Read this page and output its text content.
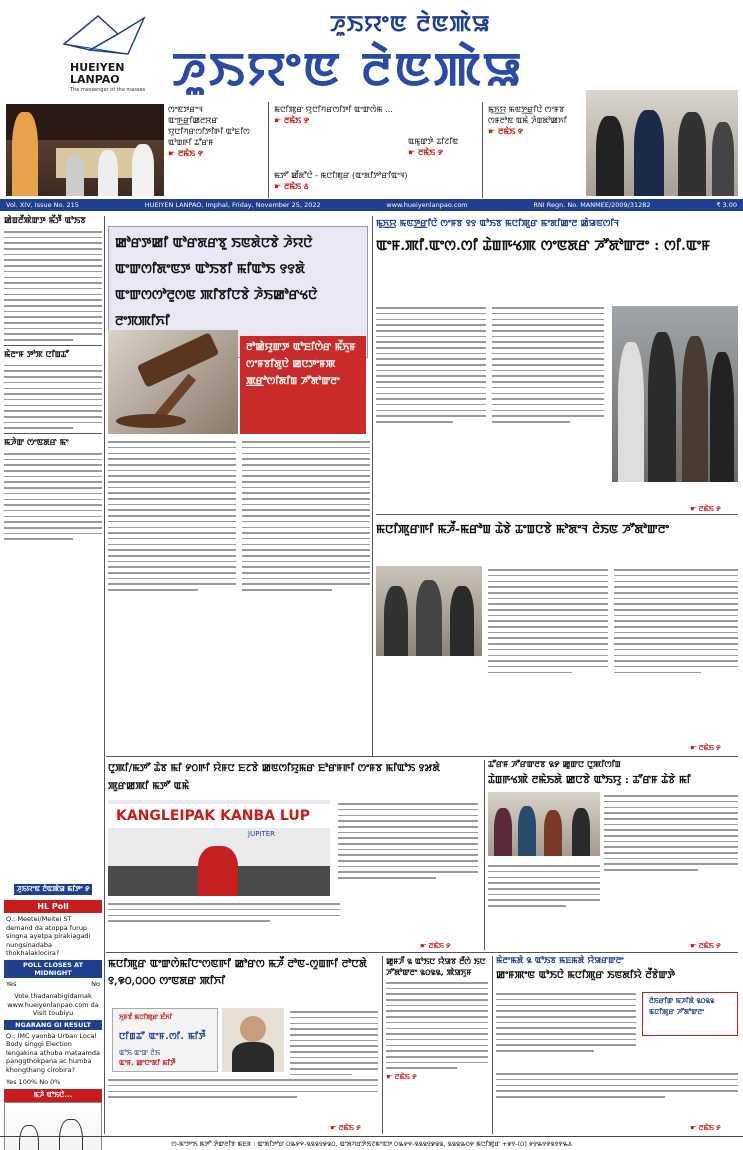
HUEIYEN
LANPAO
The messenger of the masses
ꯍꯨꯏꯌꯦꯟ ꯂꯥꯟꯄꯥꯎ
ꯍꯨꯏꯌꯦꯟ ꯂꯥꯟꯄꯥꯎ
ꯁꯦꯟꯇꯔꯦꯜ ꯑꯦꯒ꯭ꯔꯤꯀꯂꯆꯔ ꯌꯨꯅꯤꯚꯔꯁꯤꯇꯤꯒꯤ ꯑꯣꯐꯤꯁ ꯑꯣꯡꯒꯤ ꯊꯧꯔꯝ
☛ ꯂꯃꯥꯏ ꯵
ꯃꯅꯤꯄꯨꯔ ꯌꯨꯅꯤꯚꯔꯁꯤꯇꯤ ꯑꯦꯛꯁꯥꯃ ...
☛ ꯂꯃꯥꯏ ꯸
ꯑꯃꯨꯛꯇꯥ ꯊꯤꯖꯤꯟ
☛ ꯂꯃꯥꯏ ꯸
ꯃꯇꯧ ꯀꯩꯗꯧꯅꯥ - ꯃꯅꯤꯄꯨꯔ (ꯑꯦꯗꯤꯇꯣꯔꯤꯑꯦꯜ)
☛ ꯂꯃꯥꯏ ꯴
ꯃꯨꯈ꯭ꯌ ꯃꯟꯇ꯭ꯔꯤꯅꯥ ꯁꯦꯝꯕ ꯁꯝꯂꯣꯟ ꯑꯃꯥ ꯍꯥꯡꯗꯣꯀꯈꯤ
☛ ꯂꯃꯥꯏ ꯵
Vol. XIV, Issue No. 215	HUEIYEN LANPAO, Imphal, Friday, November 25, 2022	www.hueiyenlanpao.com	RNI Regn. No. MANMEE/2009/31282	₹ 3.00
ꯀꯥꯡꯂꯩꯄꯥꯛꯇ ꯃꯩꯇꯩ ꯑꯣꯏꯕ
ꯃꯥꯂꯦꯝ ꯇꯣꯞ ꯅꯤꯡꯊꯧ
ꯃꯍꯥꯛ ꯁꯦꯟꯗꯔ ꯃꯦ
ꯍꯨꯏꯌꯦꯟ ꯂꯥꯟꯄꯥꯎ ꯃꯤꯇꯦ ꯸
HL Poll
Q.: Meetei/Meitei ST demand da atoppa furup singna ayetpa pirakiagadi nungsinadaba thokhalaklocira?
POLL CLOSES AT MIDNIGHT
Yes	No
Vote thadanabigidamak www.hueiyenlanpao.com da Visit toubiyu
NGARANG GI RESULT
Q.: IMC yaonba Urban Local Body singgi Election lengakina athuba mataamda panggthokpana ac humba khongthang cirobira?
Yes 100% No 0%
ꯃꯍꯥ ꯑꯣꯏꯅꯥ...
ꯀꯣꯔꯇꯀꯤ ꯑꯣꯔꯗꯔꯕꯨ ꯏꯟꯗꯥꯅꯕꯥ ꯍꯥꯌꯅꯥ ꯑꯦꯛꯁꯤꯗꯦꯟꯇ ꯑꯣꯏꯕꯤ ꯃꯤꯑꯣꯏ ꯱꯱ꯗꯥ ꯑꯦꯛꯁꯁꯣꯂꯨꯁꯟ ꯄꯤꯕꯤꯅꯕꯥ ꯍꯥꯏꯀꯣꯔꯠꯅꯥ ꯂꯦꯞꯄꯤꯈꯤ
ꯂꯣꯀꯥꯌꯨꯛꯇ ꯑꯣꯐꯤꯁꯥꯔ ꯃꯩꯈꯨꯝ ꯁꯦꯝꯕꯤꯗꯨꯅꯥ ꯀꯅꯇꯦꯝꯄ ꯄ꯭ꯔꯣꯁꯤꯗꯤꯡ ꯍꯧꯗꯣꯛꯂꯦ
ꯃꯨꯈ꯭ꯌ ꯃꯟꯇ꯭ꯔꯤꯅꯥ ꯁꯦꯝꯕ ꯱꯱ ꯑꯣꯏꯕ ꯃꯅꯤꯄꯨꯔ ꯃꯦꯗꯤꯀꯦꯂ ꯀꯥꯎꯟꯁꯤꯜ
ꯑꯦꯝ.ꯄꯤ.ꯑꯦꯁ.ꯁꯤ ꯊꯥꯡꯒꯠꯄ ꯁꯦꯟꯗꯔ ꯍꯧꯗꯣꯛꯂꯦ : ꯁꯤ.ꯑꯦꯝ
☛ ꯂꯃꯥꯏ ꯸
ꯃꯅꯤꯄꯨꯔꯒꯤ ꯃꯍꯩ-ꯃꯔꯣꯡ ꯊꯥꯕꯥ ꯊꯦꯡꯅꯕꯥ ꯃꯣꯗꯦꯜ ꯂꯥꯏꯟ ꯍꯧꯗꯣꯛꯂꯦ
☛ ꯂꯃꯥꯏ ꯸
ꯅꯨꯄꯤ/ꯃꯇꯧ ꯊꯥꯕ ꯃꯤ ꯸꯰ꯒꯤ ꯌꯥꯝꯅ ꯐꯖꯕꯥ ꯀꯟꯁꯤꯌꯨꯃꯔ ꯐꯣꯔꯝꯒꯤ ꯁꯦꯝꯕ ꯃꯤꯑꯣꯏ ꯱꯷ꯗꯥ ꯄꯨꯔꯀꯄꯤ ꯃꯇꯧ ꯑꯃꯥ
KANGLEIPAK KANBA LUP
JUPITER
☛ ꯂꯃꯥꯏ ꯸
ꯊꯧꯔꯝ ꯍꯧꯔꯛꯂꯕ ꯲꯸ ꯀꯨꯛꯅ ꯅꯨꯄꯤꯁꯤꯡ
ꯊꯥꯡꯒꯠꯄꯥ ꯂꯃꯥꯏꯗꯥ ꯀꯅꯕꯥ ꯑꯣꯏꯌꯨ : ꯊꯧꯔꯝ ꯊꯥꯕꯥ ꯃꯤ
☛ ꯂꯃꯥꯏ ꯸
ꯃꯅꯤꯄꯨꯔ ꯑꯦꯛꯁꯥꯃꯤꯅꯦꯁꯟꯒꯤ ꯀꯣꯔꯁ ꯃꯍꯩ ꯂꯣꯟ-ꯁꯨꯡꯒꯤ ꯂꯣꯅꯗꯥ ꯱,꯶꯰,꯰꯰꯰ ꯁꯦꯟꯗꯔ ꯄꯤꯈꯤ
ꯈꯨꯝꯕꯪ ꯃꯅꯤꯄꯨꯔ ꯐꯪꯈꯤ
ꯅꯤꯡꯊꯧ ꯑꯦꯝ.ꯁꯤ. ꯃꯤꯇꯩ
ꯑꯣꯏ ꯑꯦꯛ ꯂꯥꯏ
ꯑꯦꯝ. ꯀꯦꯅꯦꯗꯤ ꯃꯤꯇꯩ
☛ ꯂꯃꯥꯏ ꯸
ꯀꯨꯝꯍꯩ ꯲ ꯑꯣꯏꯅ ꯌꯥꯎꯕ ꯂꯩꯁꯥ ꯏꯅ ꯍꯧꯗꯣꯛꯂꯦ ꯲꯰꯲꯲, ꯄꯥꯎꯈꯨꯝ
☛ ꯂꯃꯥꯏ ꯸
ꯃꯥꯂꯦꯃꯗꯥ ꯲ ꯑꯣꯏꯕ ꯃꯐꯃꯗꯥ ꯌꯥꯎꯔꯛꯂꯦ
ꯀꯦꯝꯄꯦꯟ ꯑꯣꯏꯅꯥ ꯃꯅꯤꯄꯨꯔ ꯏꯟꯗꯤꯌꯥ ꯂꯩꯕꯥꯛꯇꯥ
ꯂꯥꯏꯔꯤꯛ ꯃꯍꯤꯗꯥ ꯲꯰꯲꯲ ꯃꯅꯤꯄꯨꯔ ꯍꯧꯗꯣꯛꯂꯦ
☛ ꯂꯃꯥꯏ ꯸
ꯁ-ꯃꯦꯇꯦꯏ ꯃꯇꯧ ꯇꯥꯛꯂꯤꯕ ꯃꯐꯝ : ꯑꯦꯗꯤꯇꯣꯔ ꯰꯳꯸꯵-꯲꯲꯲꯱꯹꯲꯰, ꯑꯦꯗꯚꯔꯇꯥꯏꯖꯃꯦꯟꯇ ꯰꯳꯸꯵-꯲꯲꯲꯱꯹꯲꯲, ꯲꯲꯲꯳꯰꯸ ꯃꯅꯤꯄꯨꯔ +꯹꯱-(꯰) ꯸꯱꯳꯱꯸꯲꯱꯵꯳꯴
